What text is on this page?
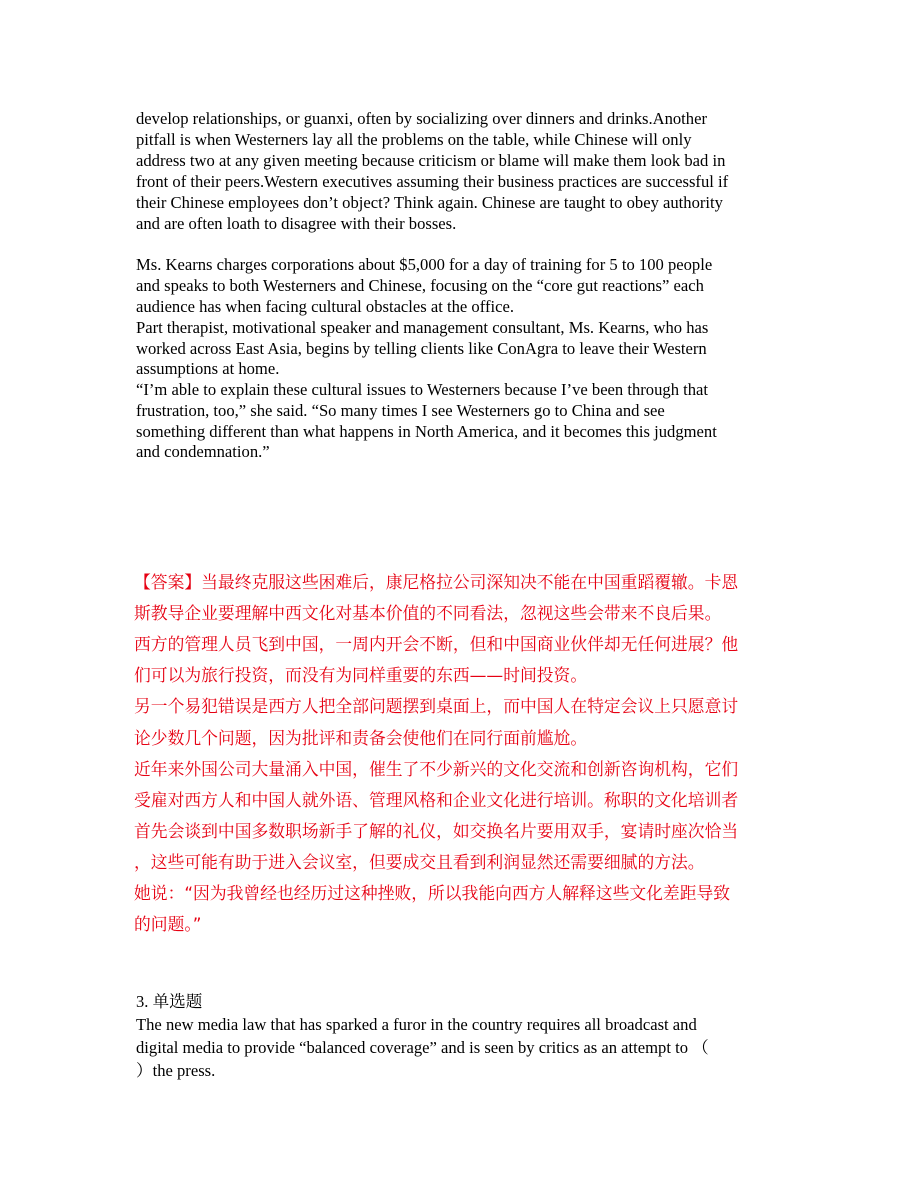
develop relationships, or guanxi, often by socializing over dinners and drinks.Another
pitfall is when Westerners lay all the problems on the table, while Chinese will only
address two at any given meeting because criticism or blame will make them look bad in
front of their peers.Western executives assuming their business practices are successful if
their Chinese employees don’t object? Think again. Chinese are taught to obey authority
and are often loath to disagree with their bosses.
Ms. Kearns charges corporations about $5,000 for a day of training for 5 to 100 people
and speaks to both Westerners and Chinese, focusing on the “core gut reactions” each
audience has when facing cultural obstacles at the office.
Part therapist, motivational speaker and management consultant, Ms. Kearns, who has
worked across East Asia, begins by telling clients like ConAgra to leave their Western
assumptions at home.
“I’m able to explain these cultural issues to Westerners because I’ve been through that
frustration, too,” she said. “So many times I see Westerners go to China and see
something different than what happens in North America, and it becomes this judgment
and condemnation.”
【答案】当最终克服这些困难后，康尼格拉公司深知决不能在中国重蹈覆辙。卡恩
斯教导企业要理解中西文化对基本价值的不同看法，忽视这些会带来不良后果。
西方的管理人员飞到中国，一周内开会不断，但和中国商业伙伴却无任何进展？他
们可以为旅行投资，而没有为同样重要的东西——时间投资。
另一个易犯错误是西方人把全部问题摆到桌面上，而中国人在特定会议上只愿意讨
论少数几个问题，因为批评和责备会使他们在同行面前尴尬。
近年来外国公司大量涌入中国，催生了不少新兴的文化交流和创新咨询机构，它们
受雇对西方人和中国人就外语、管理风格和企业文化进行培训。称职的文化培训者
首先会谈到中国多数职场新手了解的礼仪，如交换名片要用双手，宴请时座次恰当
，这些可能有助于进入会议室，但要成交且看到利润显然还需要细腻的方法。
她说：“因为我曾经也经历过这种挫败，所以我能向西方人解释这些文化差距导致
的问题。”
3. 单选题
The new media law that has sparked a furor in the country requires all broadcast and
digital media to provide “balanced coverage” and is seen by critics as an attempt to （
）the press.
